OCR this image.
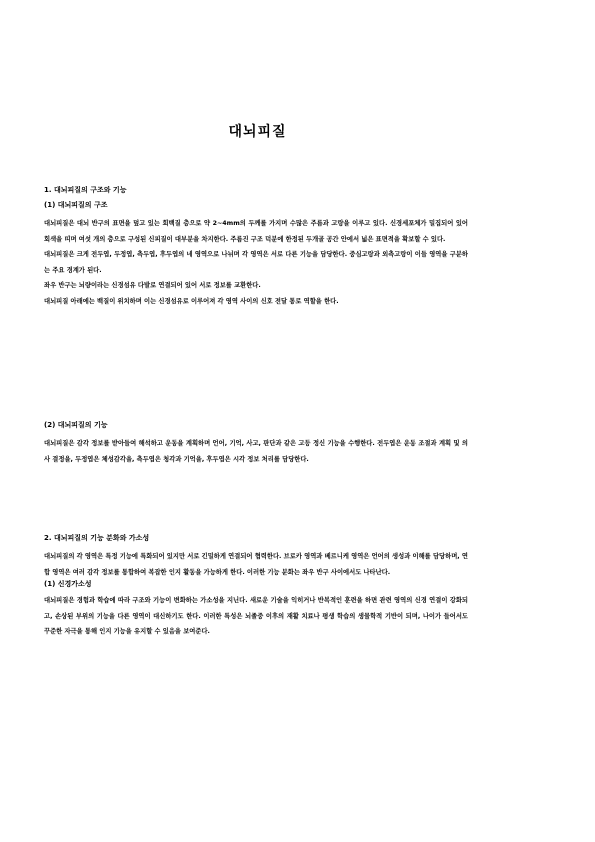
대뇌피질
1. 대뇌피질의 구조와 기능
(1) 대뇌피질의 구조
대뇌피질은 대뇌 반구의 표면을 덮고 있는 회백질 층으로 약 2~4mm의 두께를 가지며 수많은 주름과 고랑을 이루고 있다. 신경세포체가 밀집되어 있어 회색을 띠며 여섯 개의 층으로 구성된 신피질이 대부분을 차지한다. 주름진 구조 덕분에 한정된 두개골 공간 안에서 넓은 표면적을 확보할 수 있다.
대뇌피질은 크게 전두엽, 두정엽, 측두엽, 후두엽의 네 영역으로 나뉘며 각 영역은 서로 다른 기능을 담당한다. 중심고랑과 외측고랑이 이들 영역을 구분하는 주요 경계가 된다.
좌우 반구는 뇌량이라는 신경섬유 다발로 연결되어 있어 서로 정보를 교환한다.
대뇌피질 아래에는 백질이 위치하며 이는 신경섬유로 이루어져 각 영역 사이의 신호 전달 통로 역할을 한다.
(2) 대뇌피질의 기능
대뇌피질은 감각 정보를 받아들여 해석하고 운동을 계획하며 언어, 기억, 사고, 판단과 같은 고등 정신 기능을 수행한다. 전두엽은 운동 조절과 계획 및 의사 결정을, 두정엽은 체성감각을, 측두엽은 청각과 기억을, 후두엽은 시각 정보 처리를 담당한다.
2. 대뇌피질의 기능 분화와 가소성
대뇌피질의 각 영역은 특정 기능에 특화되어 있지만 서로 긴밀하게 연결되어 협력한다. 브로카 영역과 베르니케 영역은 언어의 생성과 이해를 담당하며, 연합 영역은 여러 감각 정보를 통합하여 복잡한 인지 활동을 가능하게 한다. 이러한 기능 분화는 좌우 반구 사이에서도 나타난다.
(1) 신경가소성
대뇌피질은 경험과 학습에 따라 구조와 기능이 변화하는 가소성을 지닌다. 새로운 기술을 익히거나 반복적인 훈련을 하면 관련 영역의 신경 연결이 강화되고, 손상된 부위의 기능을 다른 영역이 대신하기도 한다. 이러한 특성은 뇌졸중 이후의 재활 치료나 평생 학습의 생물학적 기반이 되며, 나이가 들어서도 꾸준한 자극을 통해 인지 기능을 유지할 수 있음을 보여준다.
